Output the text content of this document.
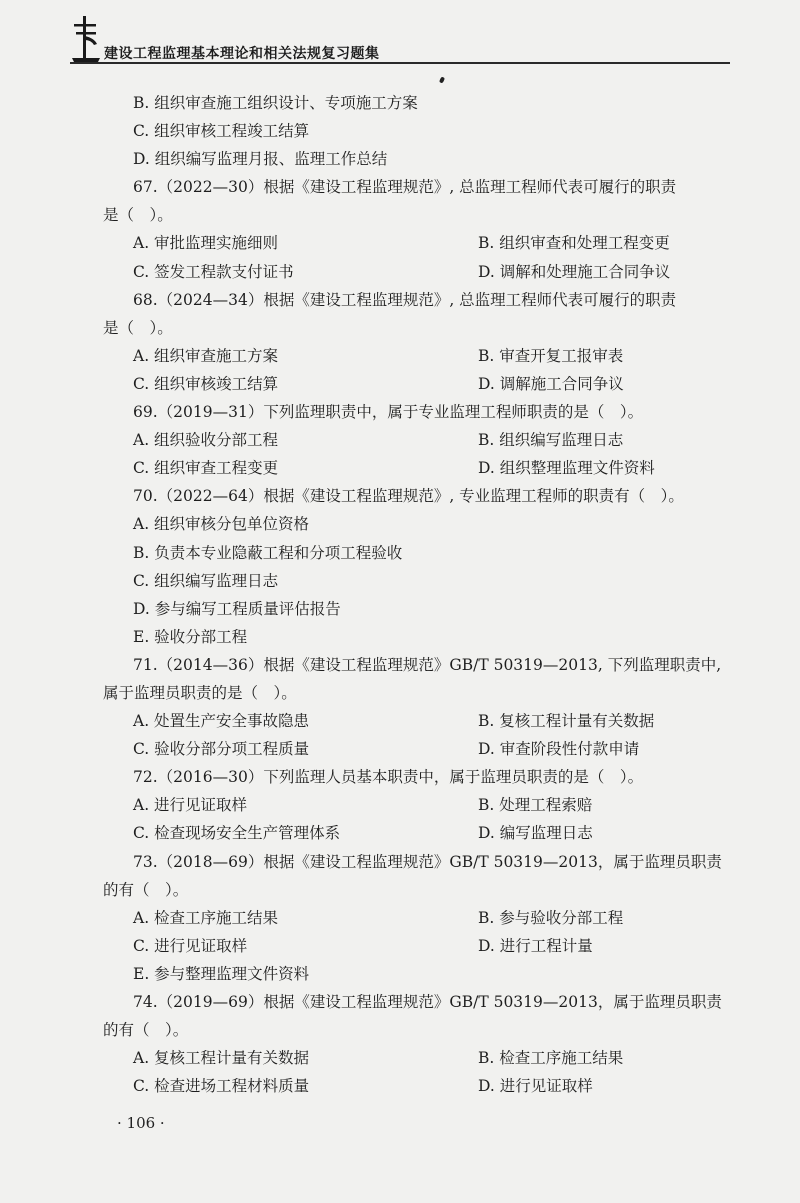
建设工程监理基本理论和相关法规复习题集
B. 组织审查施工组织设计、专项施工方案
C. 组织审核工程竣工结算
D. 组织编写监理月报、监理工作总结
67.（2022—30）根据《建设工程监理规范》, 总监理工程师代表可履行的职责
是（　）。
A. 审批监理实施细则	B. 组织审查和处理工程变更
C. 签发工程款支付证书	D. 调解和处理施工合同争议
68.（2024—34）根据《建设工程监理规范》, 总监理工程师代表可履行的职责
是（　）。
A. 组织审查施工方案	B. 审查开复工报审表
C. 组织审核竣工结算	D. 调解施工合同争议
69.（2019—31）下列监理职责中，属于专业监理工程师职责的是（　）。
A. 组织验收分部工程	B. 组织编写监理日志
C. 组织审查工程变更	D. 组织整理监理文件资料
70.（2022—64）根据《建设工程监理规范》, 专业监理工程师的职责有（　）。
A. 组织审核分包单位资格
B. 负责本专业隐蔽工程和分项工程验收
C. 组织编写监理日志
D. 参与编写工程质量评估报告
E. 验收分部工程
71.（2014—36）根据《建设工程监理规范》GB/T 50319—2013, 下列监理职责中,
属于监理员职责的是（　）。
A. 处置生产安全事故隐患	B. 复核工程计量有关数据
C. 验收分部分项工程质量	D. 审查阶段性付款申请
72.（2016—30）下列监理人员基本职责中，属于监理员职责的是（　）。
A. 进行见证取样	B. 处理工程索赔
C. 检查现场安全生产管理体系	D. 编写监理日志
73.（2018—69）根据《建设工程监理规范》GB/T 50319—2013，属于监理员职责
的有（　）。
A. 检查工序施工结果	B. 参与验收分部工程
C. 进行见证取样	D. 进行工程计量
E. 参与整理监理文件资料
74.（2019—69）根据《建设工程监理规范》GB/T 50319—2013，属于监理员职责
的有（　）。
A. 复核工程计量有关数据	B. 检查工序施工结果
C. 检查进场工程材料质量	D. 进行见证取样
· 106 ·
